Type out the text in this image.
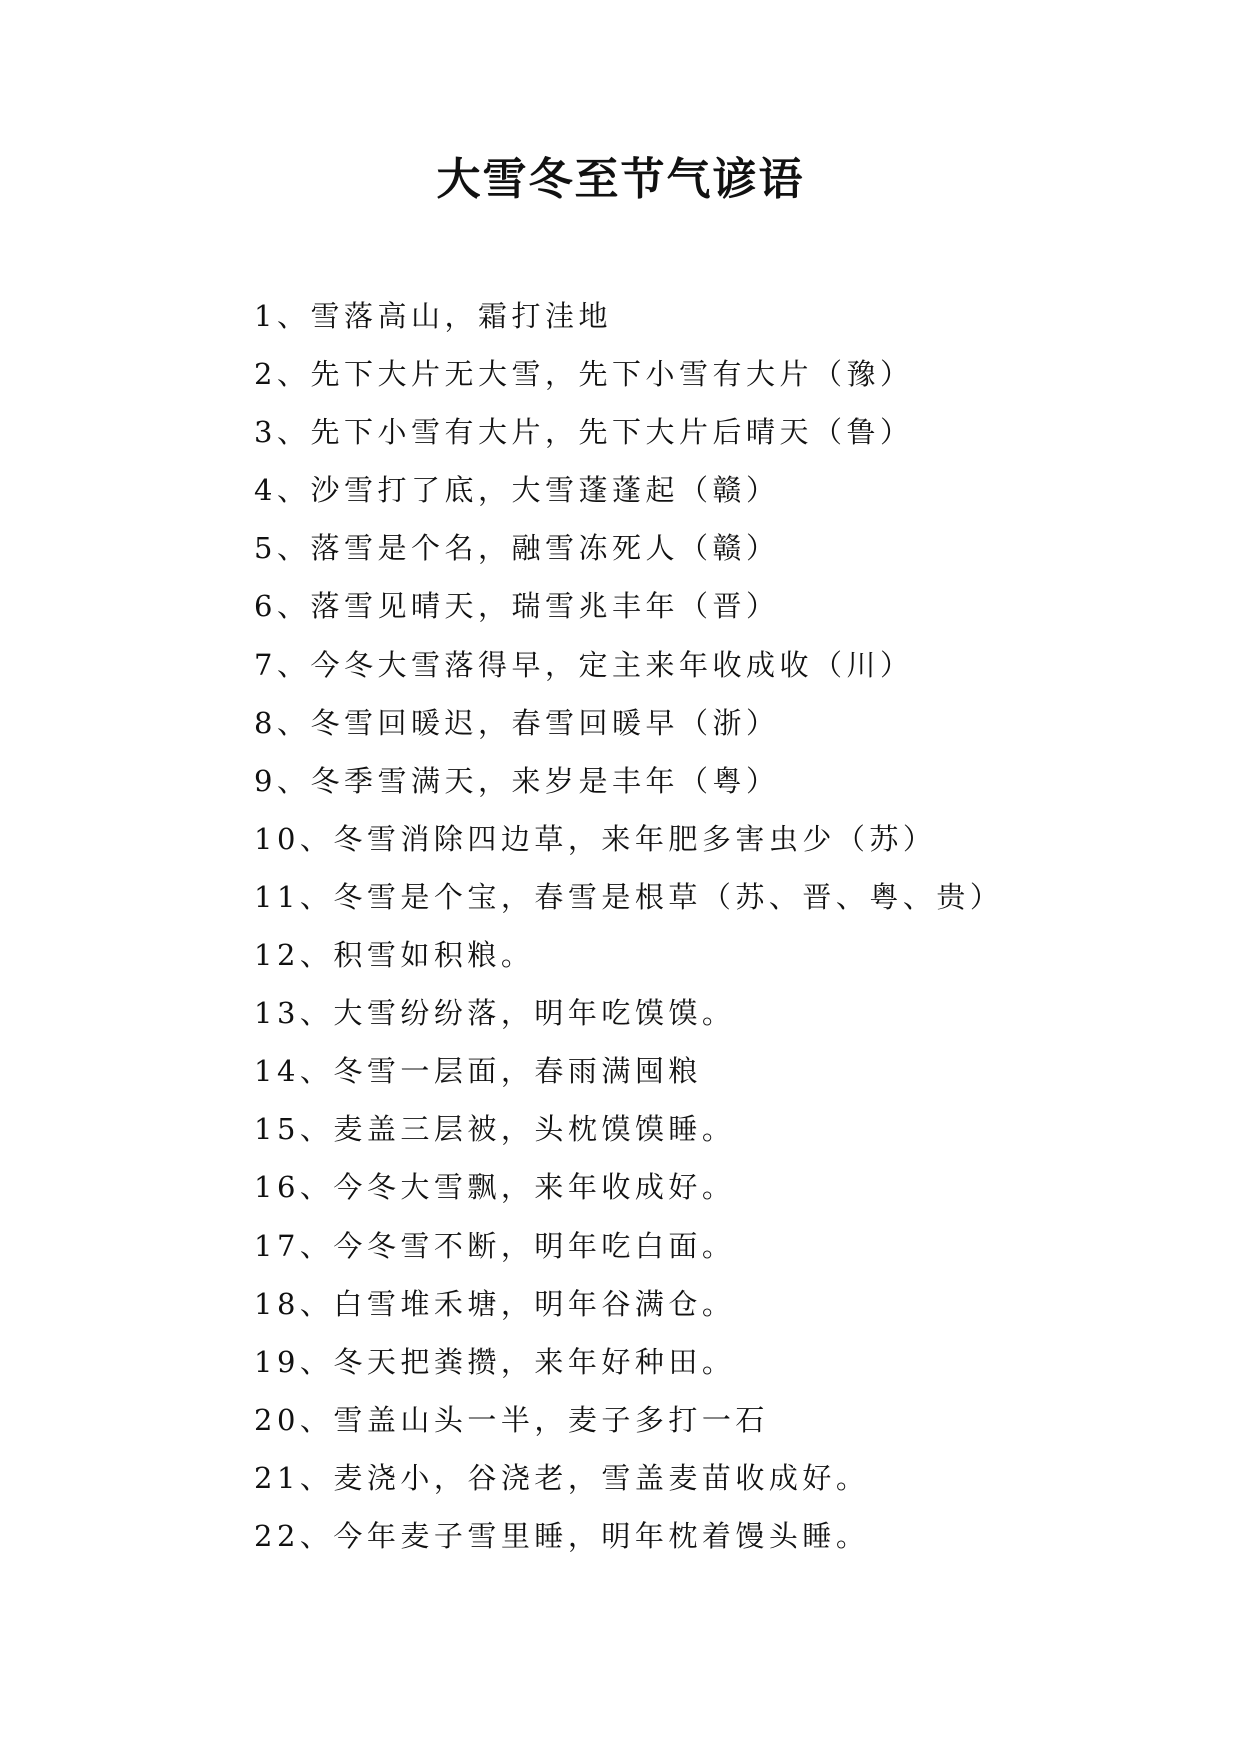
大雪冬至节气谚语
1、雪落高山，霜打洼地
2、先下大片无大雪，先下小雪有大片（豫）
3、先下小雪有大片，先下大片后晴天（鲁）
4、沙雪打了底，大雪蓬蓬起（赣）
5、落雪是个名，融雪冻死人（赣）
6、落雪见晴天，瑞雪兆丰年（晋）
7、今冬大雪落得早，定主来年收成收（川）
8、冬雪回暖迟，春雪回暖早（浙）
9、冬季雪满天，来岁是丰年（粤）
10、冬雪消除四边草，来年肥多害虫少（苏）
11、冬雪是个宝，春雪是根草（苏、晋、粤、贵）
12、积雪如积粮。
13、大雪纷纷落，明年吃馍馍。
14、冬雪一层面，春雨满囤粮
15、麦盖三层被，头枕馍馍睡。
16、今冬大雪飘，来年收成好。
17、今冬雪不断，明年吃白面。
18、白雪堆禾塘，明年谷满仓。
19、冬天把粪攒，来年好种田。
20、雪盖山头一半，麦子多打一石
21、麦浇小，谷浇老，雪盖麦苗收成好。
22、今年麦子雪里睡，明年枕着馒头睡。
